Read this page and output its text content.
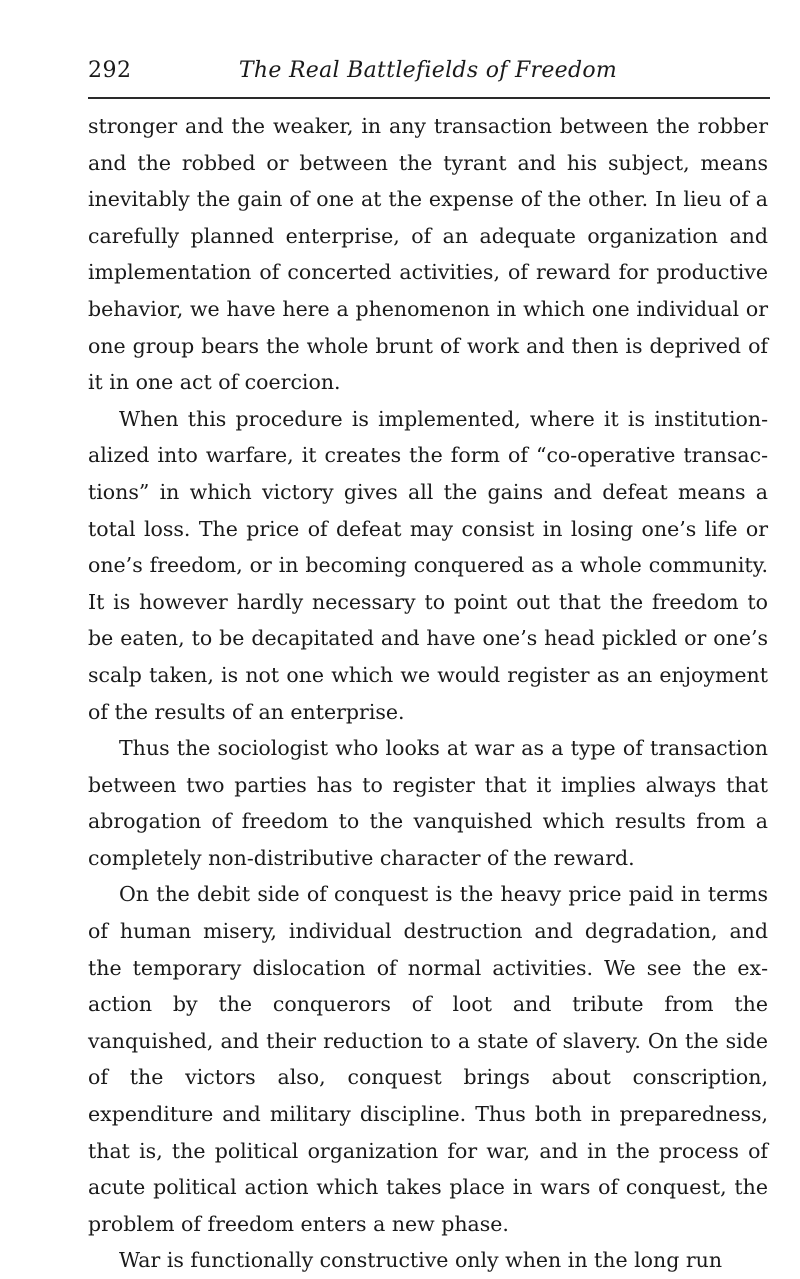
292	The Real Battlefields of Freedom

stronger and the weaker, in any transaction between the robber and the robbed or between the tyrant and his subject, means inevitably the gain of one at the expense of the other. In lieu of a carefully planned enterprise, of an adequate organization and implementation of concerted activities, of reward for productive behavior, we have here a phenomenon in which one individual or one group bears the whole brunt of work and then is deprived of it in one act of coercion.

When this procedure is implemented, where it is institutionalized into warfare, it creates the form of “co-operative transactions” in which victory gives all the gains and defeat means a total loss. The price of defeat may consist in losing one’s life or one’s freedom, or in becoming conquered as a whole community. It is however hardly necessary to point out that the freedom to be eaten, to be decapitated and have one’s head pickled or one’s scalp taken, is not one which we would register as an enjoyment of the results of an enterprise.

Thus the sociologist who looks at war as a type of transaction between two parties has to register that it implies always that abrogation of freedom to the vanquished which results from a completely non-distributive character of the reward.

On the debit side of conquest is the heavy price paid in terms of human misery, individual destruction and degradation, and the temporary dislocation of normal activities. We see the exaction by the conquerors of loot and tribute from the vanquished, and their reduction to a state of slavery. On the side of the victors also, conquest brings about conscription, expenditure and military discipline. Thus both in preparedness, that is, the political organization for war, and in the process of acute political action which takes place in wars of conquest, the problem of freedom enters a new phase.

War is functionally constructive only when in the long run
